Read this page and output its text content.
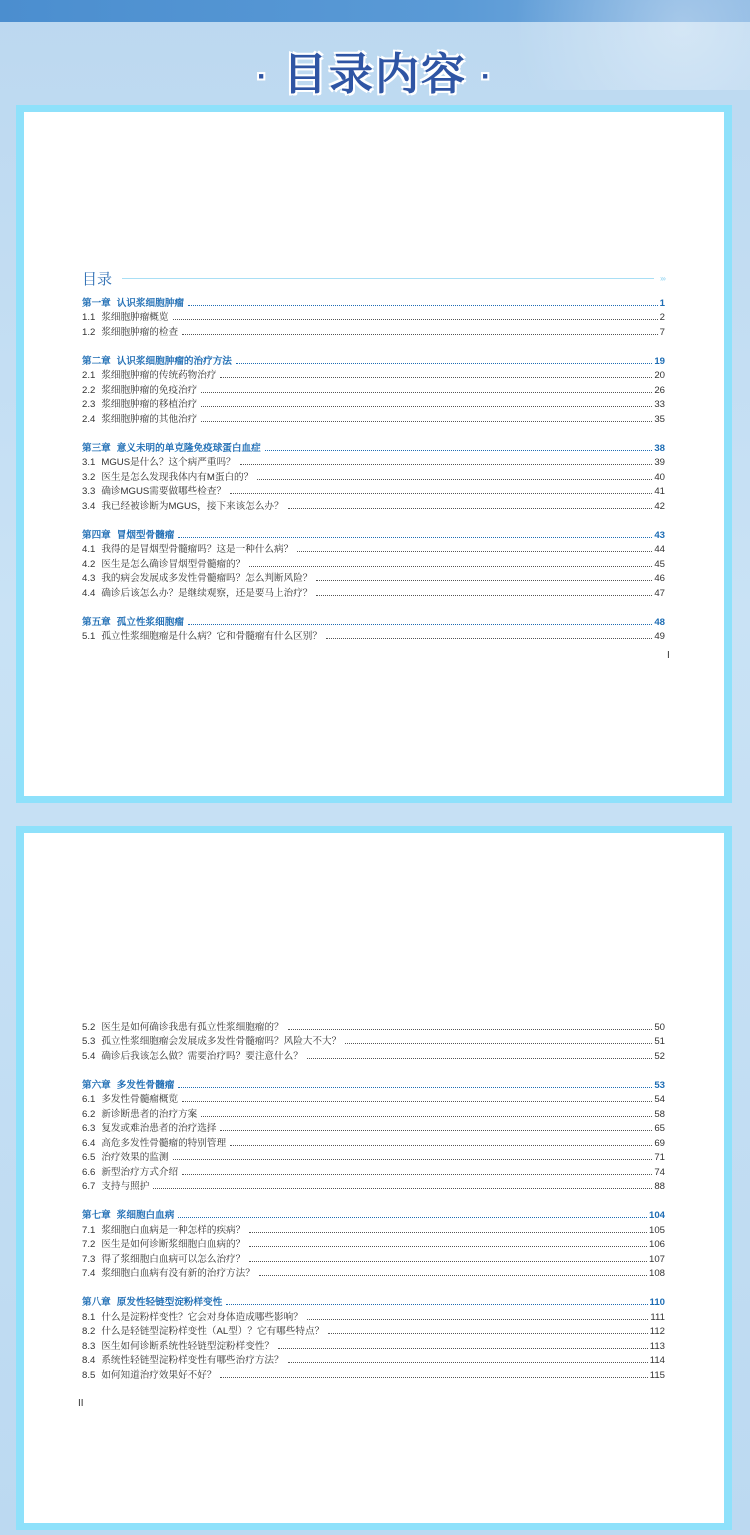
· 目录内容 ·
目录	›››
第一章 认识浆细胞肿瘤	1
1.1 浆细胞肿瘤概览	2
1.2 浆细胞肿瘤的检查	7
第二章 认识浆细胞肿瘤的治疗方法	19
2.1 浆细胞肿瘤的传统药物治疗	20
2.2 浆细胞肿瘤的免疫治疗	26
2.3 浆细胞肿瘤的移植治疗	33
2.4 浆细胞肿瘤的其他治疗	35
第三章 意义未明的单克隆免疫球蛋白血症	38
3.1 MGUS是什么？这个病严重吗？	39
3.2 医生是怎么发现我体内有M蛋白的？	40
3.3 确诊MGUS需要做哪些检查？	41
3.4 我已经被诊断为MGUS，接下来该怎么办？	42
第四章 冒烟型骨髓瘤	43
4.1 我得的是冒烟型骨髓瘤吗？这是一种什么病？	44
4.2 医生是怎么确诊冒烟型骨髓瘤的？	45
4.3 我的病会发展成多发性骨髓瘤吗？怎么判断风险？	46
4.4 确诊后该怎么办？是继续观察，还是要马上治疗？	47
第五章 孤立性浆细胞瘤	48
5.1 孤立性浆细胞瘤是什么病？它和骨髓瘤有什么区别？	49
I
5.2 医生是如何确诊我患有孤立性浆细胞瘤的？	50
5.3 孤立性浆细胞瘤会发展成多发性骨髓瘤吗？风险大不大？	51
5.4 确诊后我该怎么做？需要治疗吗？要注意什么？	52
第六章 多发性骨髓瘤	53
6.1 多发性骨髓瘤概览	54
6.2 新诊断患者的治疗方案	58
6.3 复发或难治患者的治疗选择	65
6.4 高危多发性骨髓瘤的特别管理	69
6.5 治疗效果的监测	71
6.6 新型治疗方式介绍	74
6.7 支持与照护	88
第七章 浆细胞白血病	104
7.1 浆细胞白血病是一种怎样的疾病？	105
7.2 医生是如何诊断浆细胞白血病的？	106
7.3 得了浆细胞白血病可以怎么治疗？	107
7.4 浆细胞白血病有没有新的治疗方法？	108
第八章 原发性轻链型淀粉样变性	110
8.1 什么是淀粉样变性？它会对身体造成哪些影响？	111
8.2 什么是轻链型淀粉样变性（AL型）？它有哪些特点？	112
8.3 医生如何诊断系统性轻链型淀粉样变性？	113
8.4 系统性轻链型淀粉样变性有哪些治疗方法？	114
8.5 如何知道治疗效果好不好？	115
II
